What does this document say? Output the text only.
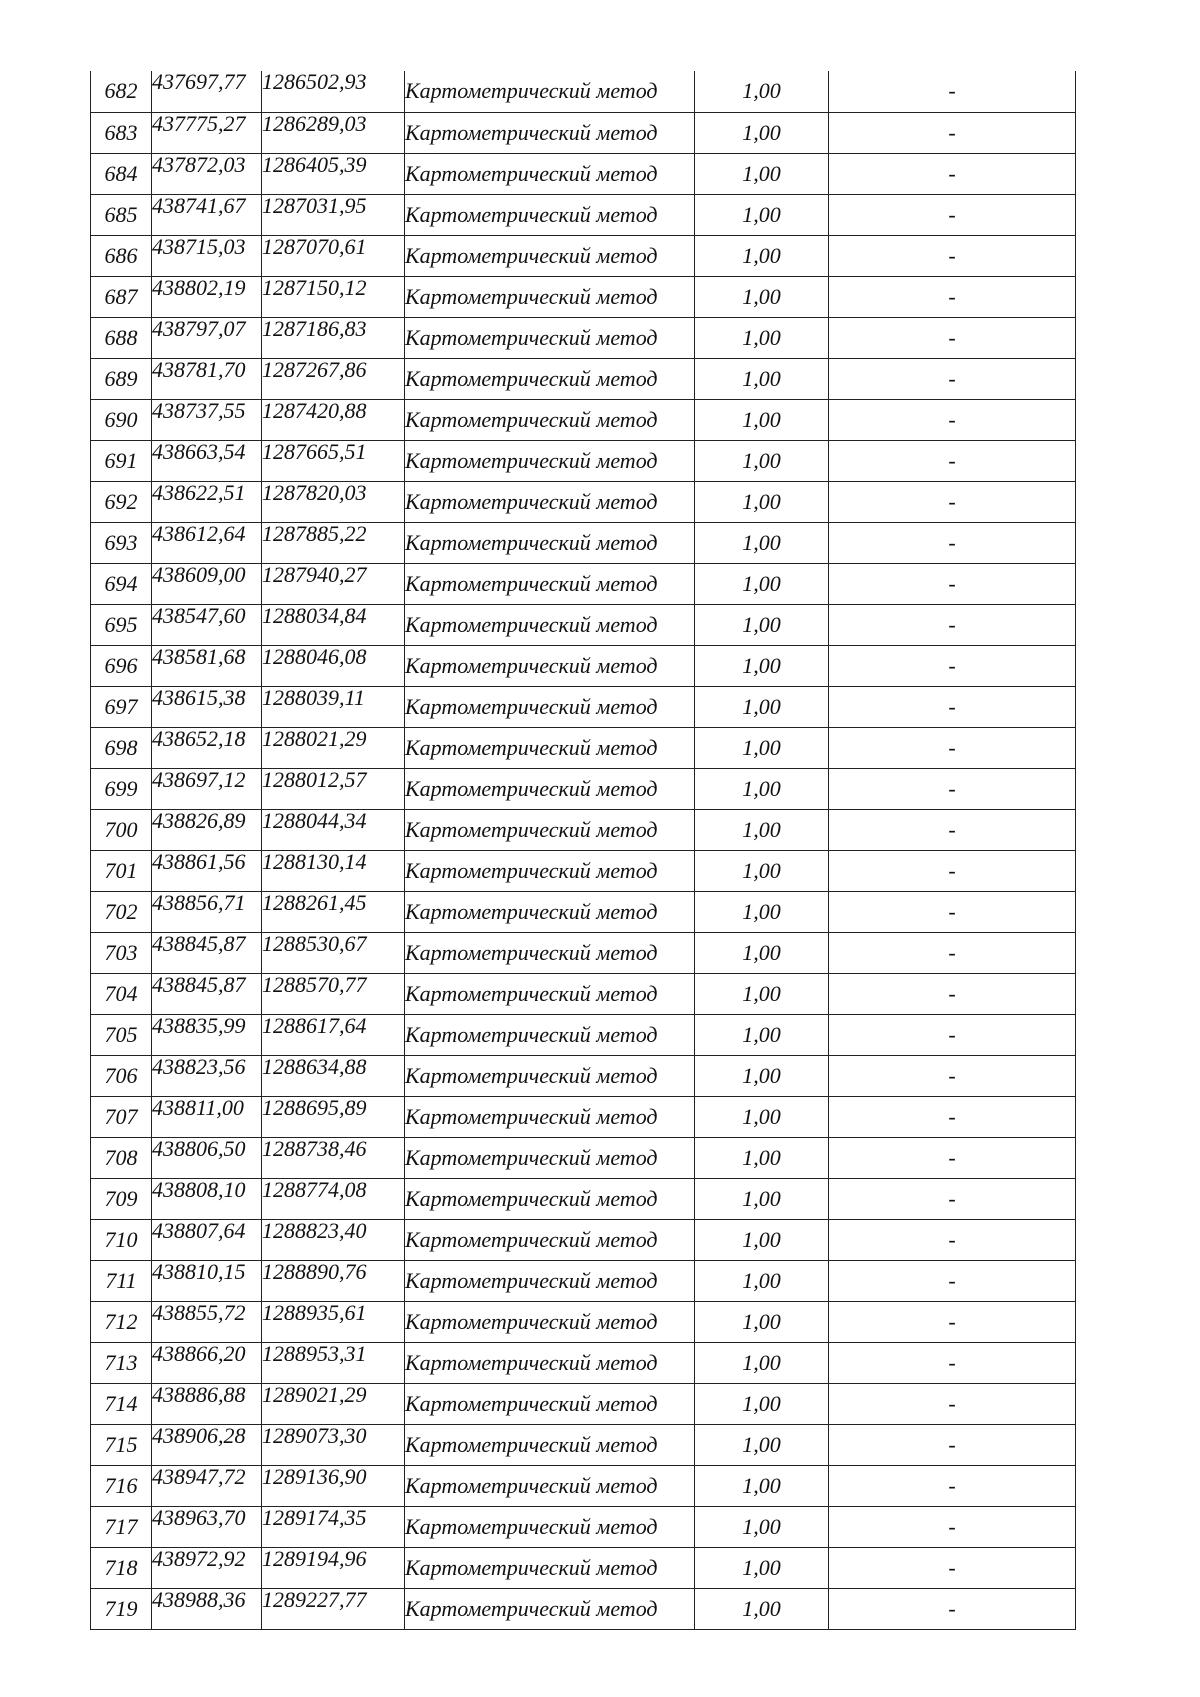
682	437697,77	1286502,93	Картометрический метод	1,00	-
683	437775,27	1286289,03	Картометрический метод	1,00	-
684	437872,03	1286405,39	Картометрический метод	1,00	-
685	438741,67	1287031,95	Картометрический метод	1,00	-
686	438715,03	1287070,61	Картометрический метод	1,00	-
687	438802,19	1287150,12	Картометрический метод	1,00	-
688	438797,07	1287186,83	Картометрический метод	1,00	-
689	438781,70	1287267,86	Картометрический метод	1,00	-
690	438737,55	1287420,88	Картометрический метод	1,00	-
691	438663,54	1287665,51	Картометрический метод	1,00	-
692	438622,51	1287820,03	Картометрический метод	1,00	-
693	438612,64	1287885,22	Картометрический метод	1,00	-
694	438609,00	1287940,27	Картометрический метод	1,00	-
695	438547,60	1288034,84	Картометрический метод	1,00	-
696	438581,68	1288046,08	Картометрический метод	1,00	-
697	438615,38	1288039,11	Картометрический метод	1,00	-
698	438652,18	1288021,29	Картометрический метод	1,00	-
699	438697,12	1288012,57	Картометрический метод	1,00	-
700	438826,89	1288044,34	Картометрический метод	1,00	-
701	438861,56	1288130,14	Картометрический метод	1,00	-
702	438856,71	1288261,45	Картометрический метод	1,00	-
703	438845,87	1288530,67	Картометрический метод	1,00	-
704	438845,87	1288570,77	Картометрический метод	1,00	-
705	438835,99	1288617,64	Картометрический метод	1,00	-
706	438823,56	1288634,88	Картометрический метод	1,00	-
707	438811,00	1288695,89	Картометрический метод	1,00	-
708	438806,50	1288738,46	Картометрический метод	1,00	-
709	438808,10	1288774,08	Картометрический метод	1,00	-
710	438807,64	1288823,40	Картометрический метод	1,00	-
711	438810,15	1288890,76	Картометрический метод	1,00	-
712	438855,72	1288935,61	Картометрический метод	1,00	-
713	438866,20	1288953,31	Картометрический метод	1,00	-
714	438886,88	1289021,29	Картометрический метод	1,00	-
715	438906,28	1289073,30	Картометрический метод	1,00	-
716	438947,72	1289136,90	Картометрический метод	1,00	-
717	438963,70	1289174,35	Картометрический метод	1,00	-
718	438972,92	1289194,96	Картометрический метод	1,00	-
719	438988,36	1289227,77	Картометрический метод	1,00	-
